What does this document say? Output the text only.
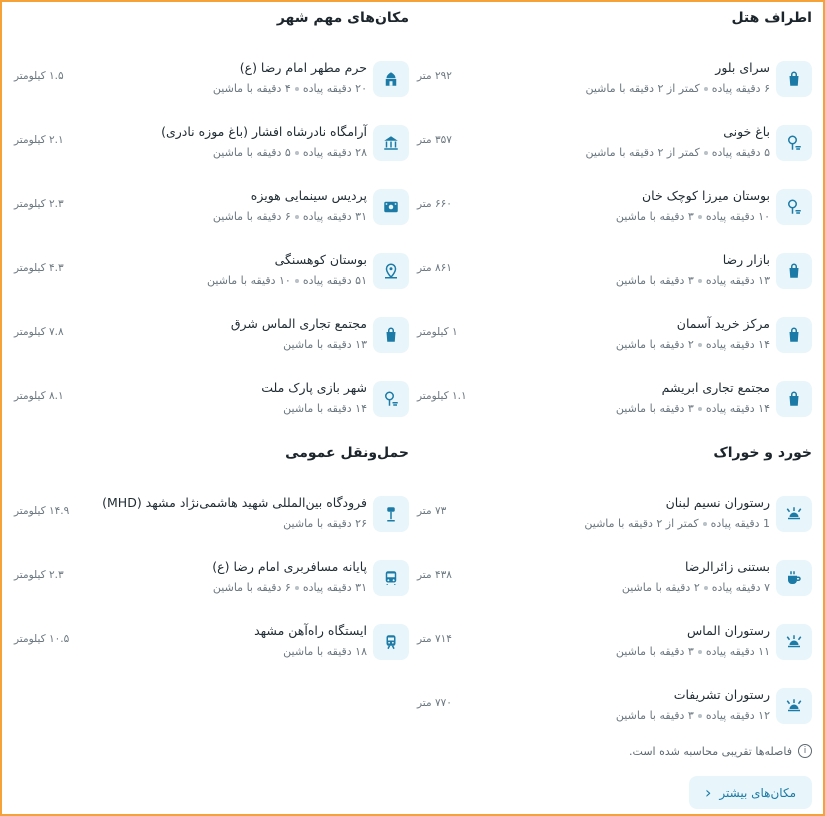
اطراف هتل
سرای بلور
۶ دقیقه پیادهکمتر از ۲ دقیقه با ماشین
۲۹۲ متر
باغ خونی
۵ دقیقه پیادهکمتر از ۲ دقیقه با ماشین
۳۵۷ متر
بوستان میرزا کوچک خان
۱۰ دقیقه پیاده۳ دقیقه با ماشین
۶۶۰ متر
بازار رضا
۱۳ دقیقه پیاده۳ دقیقه با ماشین
۸۶۱ متر
مرکز خرید آسمان
۱۴ دقیقه پیاده۲ دقیقه با ماشین
۱ کیلومتر
مجتمع تجاری ابریشم
۱۴ دقیقه پیاده۳ دقیقه با ماشین
۱.۱ کیلومتر
خورد و خوراک
رستوران نسیم لبنان
1 دقیقه پیادهکمتر از ۲ دقیقه با ماشین
۷۳ متر
بستنی زائرالرضا
۷ دقیقه پیاده۲ دقیقه با ماشین
۴۳۸ متر
رستوران الماس
۱۱ دقیقه پیاده۳ دقیقه با ماشین
۷۱۴ متر
رستوران تشریفات
۱۲ دقیقه پیاده۳ دقیقه با ماشین
۷۷۰ متر
مکان‌های مهم شهر
حرم مطهر امام رضا (ع)
۲۰ دقیقه پیاده۴ دقیقه با ماشین
۱.۵ کیلومتر
آرامگاه نادرشاه افشار (باغ موزه نادری)
۲۸ دقیقه پیاده۵ دقیقه با ماشین
۲.۱ کیلومتر
پردیس سینمایی هویزه
۳۱ دقیقه پیاده۶ دقیقه با ماشین
۲.۳ کیلومتر
بوستان کوهسنگی
۵۱ دقیقه پیاده۱۰ دقیقه با ماشین
۴.۳ کیلومتر
مجتمع تجاری الماس شرق
۱۳ دقیقه با ماشین
۷.۸ کیلومتر
شهر بازی پارک ملت
۱۴ دقیقه با ماشین
۸.۱ کیلومتر
حمل‌ونقل عمومی
فرودگاه بین‌المللی شهید هاشمی‌نژاد مشهد (MHD)
۲۶ دقیقه با ماشین
۱۴.۹ کیلومتر
پایانه مسافربری امام رضا (ع)
۳۱ دقیقه پیاده۶ دقیقه با ماشین
۲.۳ کیلومتر
ایستگاه راه‌آهن مشهد
۱۸ دقیقه با ماشین
۱۰.۵ کیلومتر
i
فاصله‌ها تقریبی محاسبه شده است.
مکان‌های بیشتر
‹
